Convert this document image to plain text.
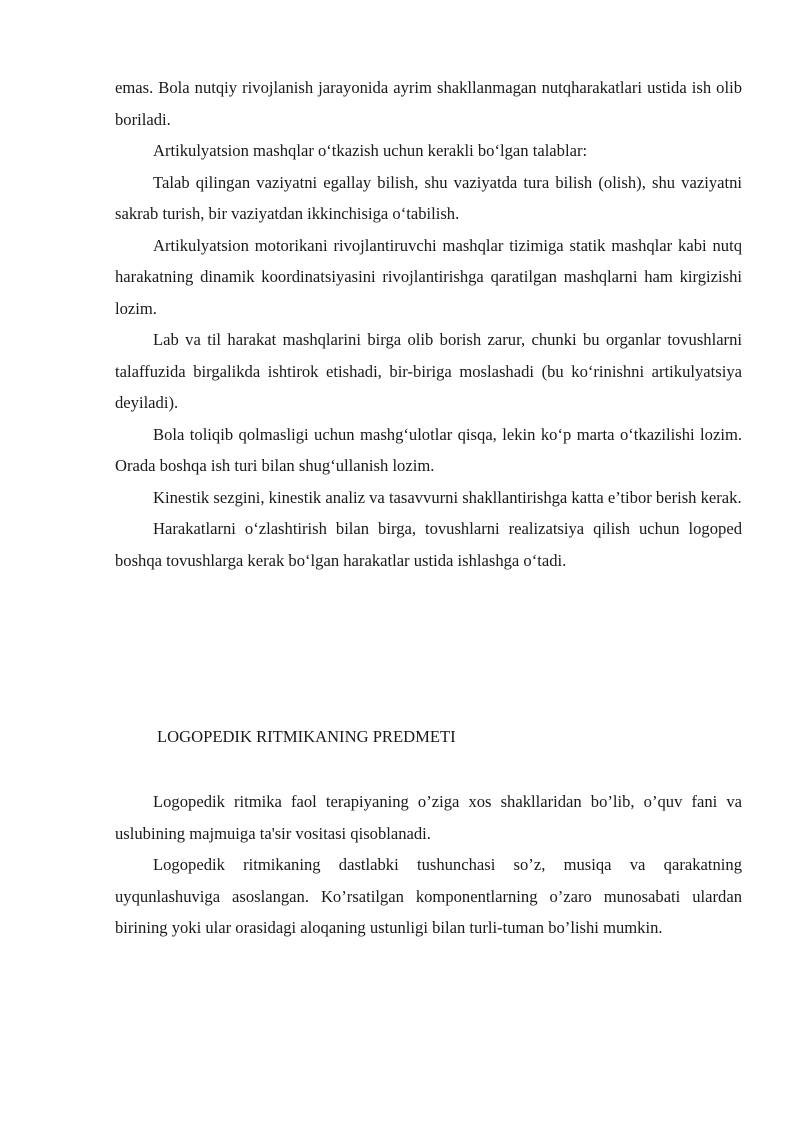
emas. Bola nutqiy rivojlanish jarayonida ayrim shakllanmagan nutqharakatlari ustida ish olib boriladi.

Artikulyatsion mashqlar o‘tkazish uchun kerakli bo‘lgan talablar:

Talab qilingan vaziyatni egallay bilish, shu vaziyatda tura bilish (olish), shu vaziyatni sakrab turish, bir vaziyatdan ikkinchisiga o‘tabilish.

Artikulyatsion motorikani rivojlantiruvchi mashqlar tizimiga statik mashqlar kabi nutq harakatning dinamik koordinatsiyasini rivojlantirishga qaratilgan mashqlarni ham kirgizishi lozim.

Lab va til harakat mashqlarini birga olib borish zarur, chunki bu organlar tovushlarni talaffuzida birgalikda ishtirok etishadi, bir-biriga moslashadi (bu ko‘rinishni artikulyatsiya deyiladi).

Bola toliqib qolmasligi uchun mashg‘ulotlar qisqa, lekin ko‘p marta o‘tkazilishi lozim. Orada boshqa ish turi bilan shug‘ullanish lozim.

Kinestik sezgini, kinestik analiz va tasavvurni shakllantirishga katta e’tibor berish kerak.

Harakatlarni o‘zlashtirish bilan birga, tovushlarni realizatsiya qilish uchun logoped boshqa tovushlarga kerak bo‘lgan harakatlar ustida ishlashga o‘tadi.

LOGOPEDIK RITMIKANING PREDMETI

Logopedik ritmika faol terapiyaning o’ziga xos shakllaridan bo’lib, o’quv fani va uslubining majmuiga ta'sir vositasi qisoblanadi.

Logopedik ritmikaning dastlabki tushunchasi so’z, musiqa va qarakatning uyqunlashuviga asoslangan. Ko’rsatilgan komponentlarning o’zaro munosabati ulardan birining yoki ular orasidagi aloqaning ustunligi bilan turli-tuman bo’lishi mumkin.
